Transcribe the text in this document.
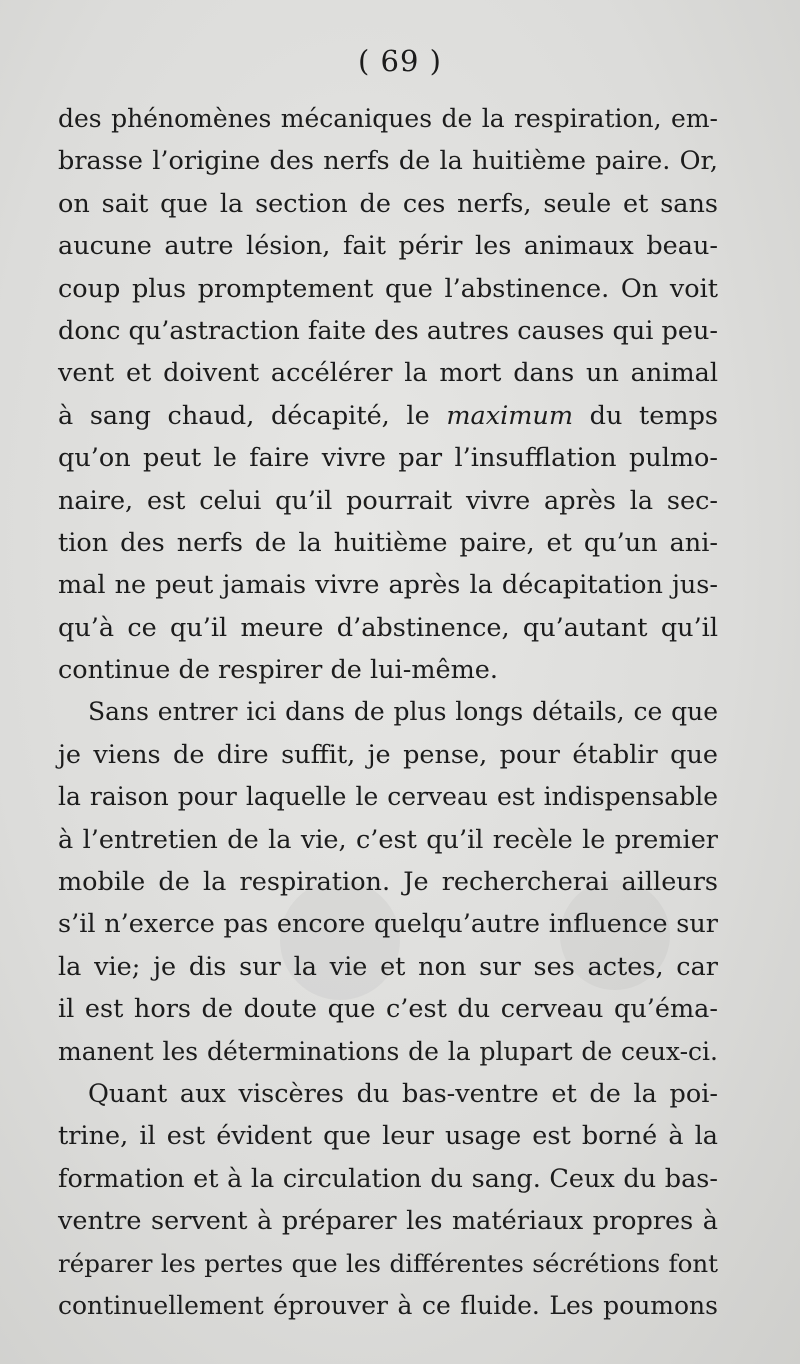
( 69 )
des phénomènes mécaniques de la respiration, em-
brasse l’origine des nerfs de la huitième paire. Or,
on sait que la section de ces nerfs, seule et sans
aucune autre lésion, fait périr les animaux beau-
coup plus promptement que l’abstinence. On voit
donc qu’astraction faite des autres causes qui peu-
vent et doivent accélérer la mort dans un animal
à sang chaud, décapité, le maximum du temps
qu’on peut le faire vivre par l’insufflation pulmo-
naire, est celui qu’il pourrait vivre après la sec-
tion des nerfs de la huitième paire, et qu’un ani-
mal ne peut jamais vivre après la décapitation jus-
qu’à ce qu’il meure d’abstinence, qu’autant qu’il
continue de respirer de lui-même.
Sans entrer ici dans de plus longs détails, ce que
je viens de dire suffit, je pense, pour établir que
la raison pour laquelle le cerveau est indispensable
à l’entretien de la vie, c’est qu’il recèle le premier
mobile de la respiration. Je rechercherai ailleurs
s’il n’exerce pas encore quelqu’autre influence sur
la vie; je dis sur la vie et non sur ses actes, car
il est hors de doute que c’est du cerveau qu’éma-
manent les déterminations de la plupart de ceux-ci.
Quant aux viscères du bas-ventre et de la poi-
trine, il est évident que leur usage est borné à la
formation et à la circulation du sang. Ceux du bas-
ventre servent à préparer les matériaux propres à
réparer les pertes que les différentes sécrétions font
continuellement éprouver à ce fluide. Les poumons
